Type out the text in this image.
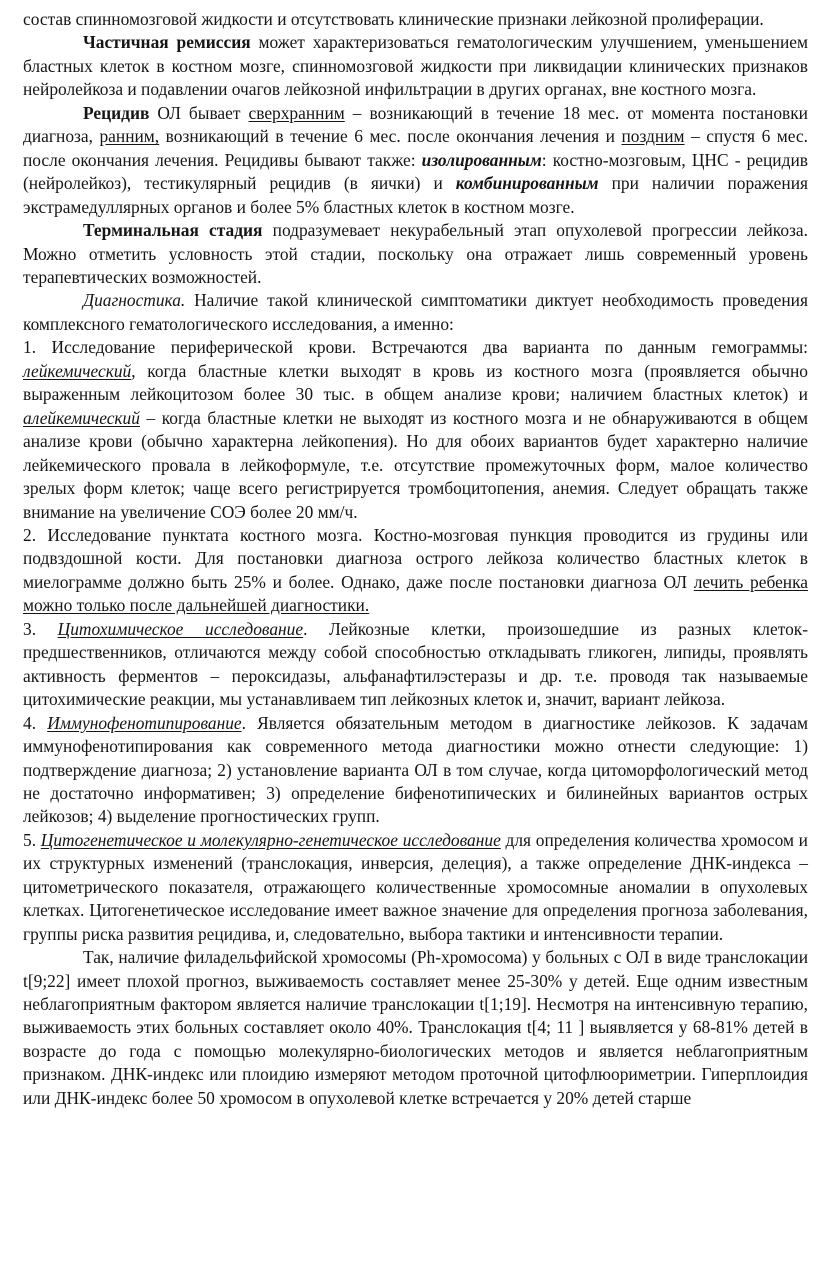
состав спинномозговой жидкости и отсутствовать клинические признаки лейкозной пролиферации.

Частичная ремиссия может характеризоваться гематологическим улучшением, уменьшением бластных клеток в костном мозге, спинномозговой жидкости при ликвидации клинических признаков нейролейкоза и подавлении очагов лейкозной инфильтрации в других органах, вне костного мозга.

Рецидив ОЛ бывает сверхранним – возникающий в течение 18 мес. от момента постановки диагноза, ранним, возникающий в течение 6 мес. после окончания лечения и поздним – спустя 6 мес. после окончания лечения. Рецидивы бывают также: изолированным: костно-мозговым, ЦНС - рецидив (нейролейкоз), тестикулярный рецидив (в яички) и комбинированным при наличии поражения экстрамедуллярных органов и более 5% бластных клеток в костном мозге.

Терминальная стадия подразумевает некурабельный этап опухолевой прогрессии лейкоза. Можно отметить условность этой стадии, поскольку она отражает лишь современный уровень терапевтических возможностей.

Диагностика. Наличие такой клинической симптоматики диктует необходимость проведения комплексного гематологического исследования, а именно:

1. Исследование периферической крови. Встречаются два варианта по данным гемограммы: лейкемический, когда бластные клетки выходят в кровь из костного мозга (проявляется обычно выраженным лейкоцитозом более 30 тыс. в общем анализе крови; наличием бластных клеток) и алейкемический – когда бластные клетки не выходят из костного мозга и не обнаруживаются в общем анализе крови (обычно характерна лейкопения). Но для обоих вариантов будет характерно наличие лейкемического провала в лейкоформуле, т.е. отсутствие промежуточных форм, малое количество зрелых форм клеток; чаще всего регистрируется тромбоцитопения, анемия. Следует обращать также внимание на увеличение СОЭ более 20 мм/ч.

2. Исследование пунктата костного мозга. Костно-мозговая пункция проводится из грудины или подвздошной кости. Для постановки диагноза острого лейкоза количество бластных клеток в миелограмме должно быть 25% и более. Однако, даже после постановки диагноза ОЛ лечить ребенка можно только после дальнейшей диагностики.

3. Цитохимическое исследование. Лейкозные клетки, произошедшие из разных клеток-предшественников, отличаются между собой способностью откладывать гликоген, липиды, проявлять активность ферментов – пероксидазы, альфанафтилэстеразы и др. т.е. проводя так называемые цитохимические реакции, мы устанавливаем тип лейкозных клеток и, значит, вариант лейкоза.

4. Иммунофенотипирование. Является обязательным методом в диагностике лейкозов. К задачам иммунофенотипирования как современного метода диагностики можно отнести следующие: 1) подтверждение диагноза; 2) установление варианта ОЛ в том случае, когда цитоморфологический метод не достаточно информативен; 3) определение бифенотипических и билинейных вариантов острых лейкозов; 4) выделение прогностических групп.

5. Цитогенетическое и молекулярно-генетическое исследование для определения количества хромосом и их структурных изменений (транслокация, инверсия, делеция), а также определение ДНК-индекса – цитометрического показателя, отражающего количественные хромосомные аномалии в опухолевых клетках. Цитогенетическое исследование имеет важное значение для определения прогноза заболевания, группы риска развития рецидива, и, следовательно, выбора тактики и интенсивности терапии.

Так, наличие филадельфийской хромосомы (Ph-хромосома) у больных с ОЛ в виде транслокации t[9;22] имеет плохой прогноз, выживаемость составляет менее 25-30% у детей. Еще одним известным неблагоприятным фактором является наличие транслокации t[1;19]. Несмотря на интенсивную терапию, выживаемость этих больных составляет около 40%. Транслокация t[4; 11 ] выявляется у 68-81% детей в возрасте до года с помощью молекулярно-биологических методов и является неблагоприятным признаком. ДНК-индекс или плоидию измеряют методом проточной цитофлюориметрии. Гиперплоидия или ДНК-индекс более 50 хромосом в опухолевой клетке встречается у 20% детей старше
